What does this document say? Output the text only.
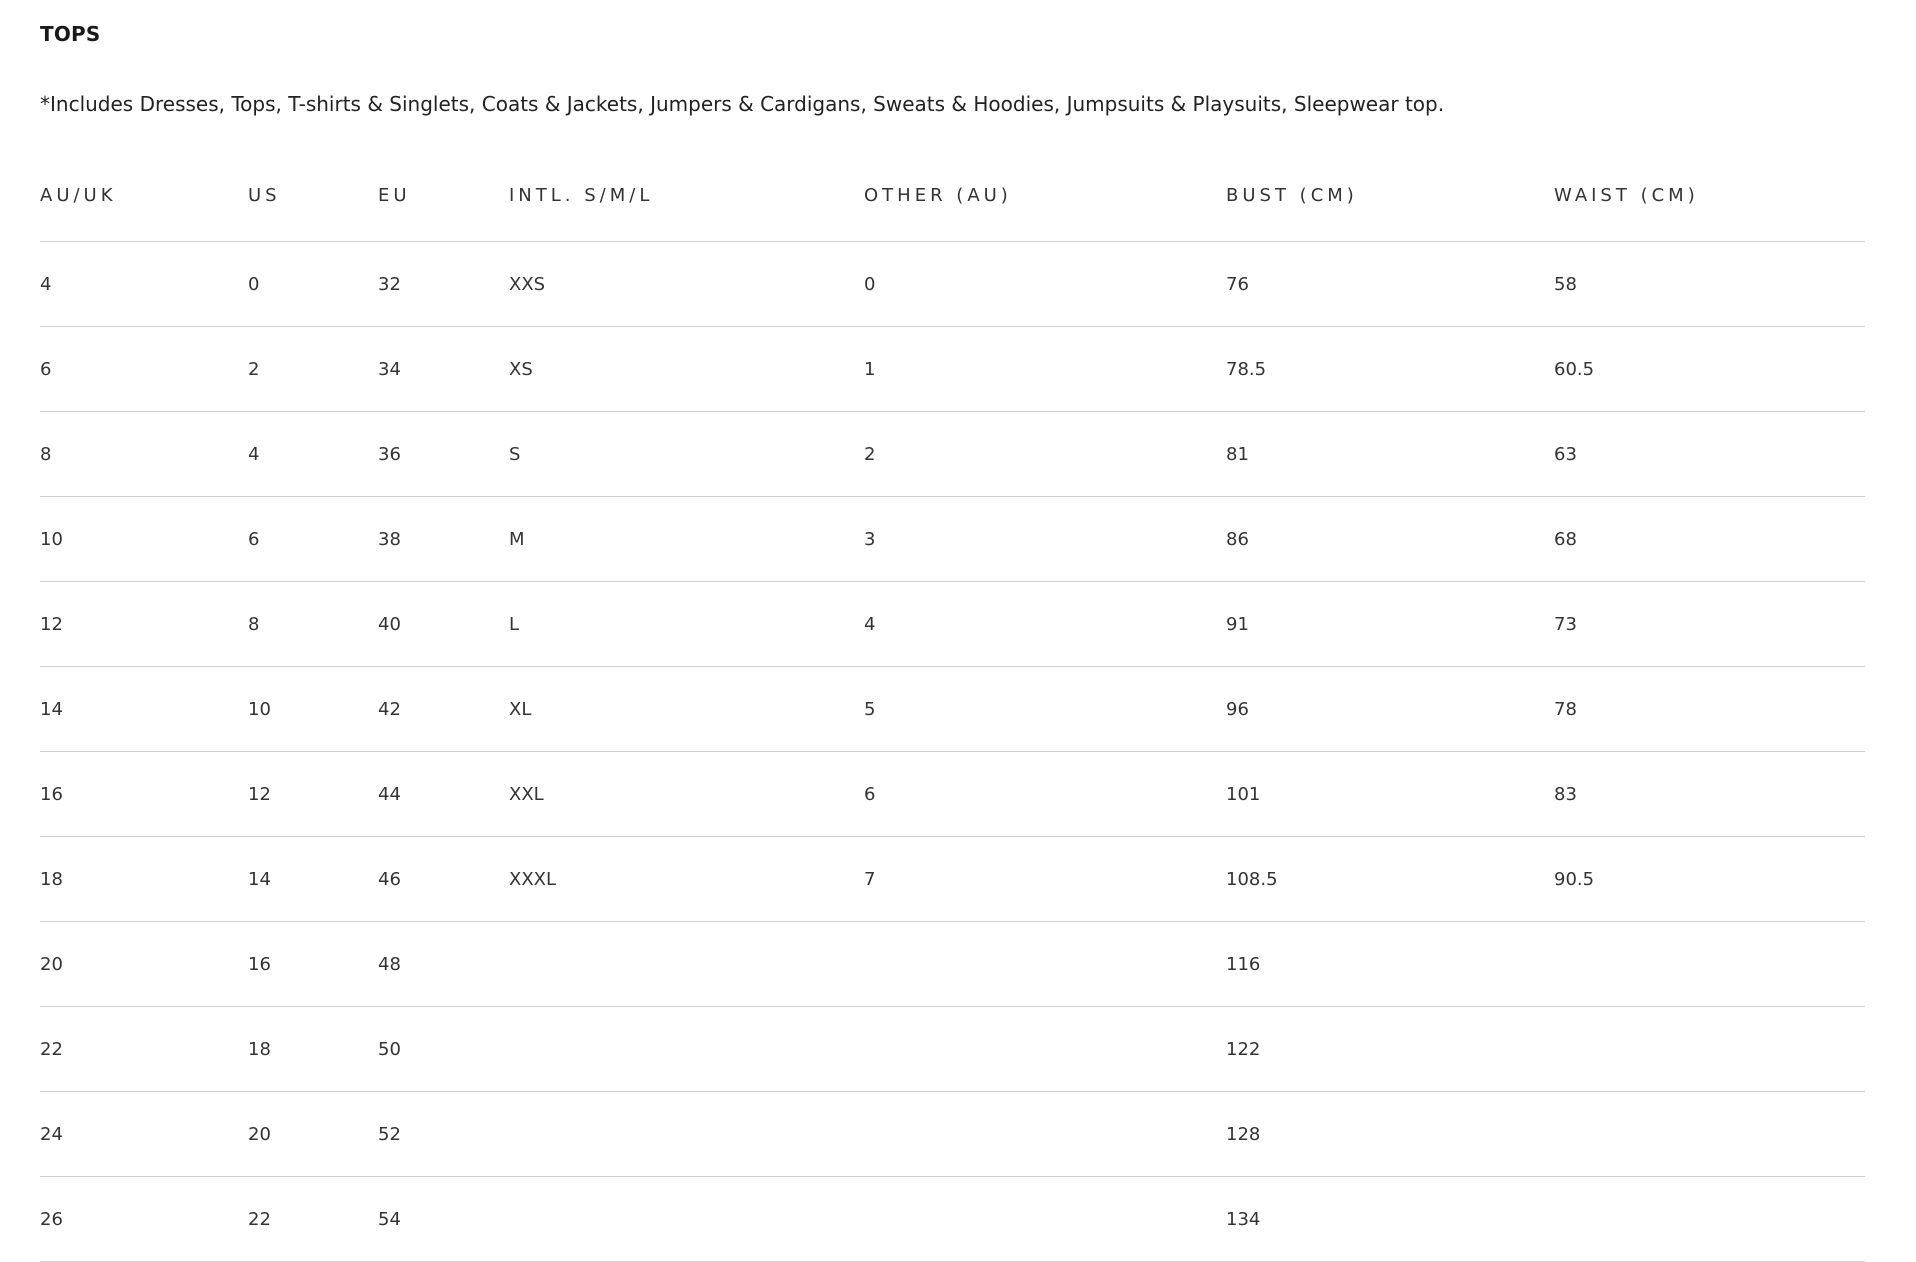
TOPS
*Includes Dresses, Tops, T-shirts & Singlets, Coats & Jackets, Jumpers & Cardigans, Sweats & Hoodies, Jumpsuits & Playsuits, Sleepwear top.
AU/UK	US	EU	INTL. S/M/L	OTHER (AU)	BUST (CM)	WAIST (CM)
4	0	32	XXS	0	76	58
6	2	34	XS	1	78.5	60.5
8	4	36	S	2	81	63
10	6	38	M	3	86	68
12	8	40	L	4	91	73
14	10	42	XL	5	96	78
16	12	44	XXL	6	101	83
18	14	46	XXXL	7	108.5	90.5
20	16	48			116	
22	18	50			122	
24	20	52			128	
26	22	54			134	
